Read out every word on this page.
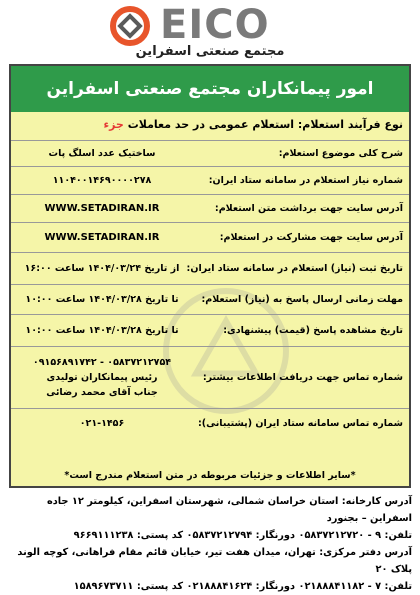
EICO
مجتمع صنعتی اسفراین
امور پیمانکاران مجتمع صنعتی اسفراین
نوع فرآیند استعلام: استعلام عمومی در حد معاملات جزء
شرح کلی موضوع استعلام:
ساختیک عدد اسلگ پات
شماره نیاز استعلام در سامانه ستاد ایران:
۱۱۰۴۰۰۱۴۶۹۰۰۰۰۲۷۸
آدرس سایت جهت برداشت متن استعلام:
WWW.SETADIRAN.IR
آدرس سایت جهت مشارکت در استعلام:
WWW.SETADIRAN.IR
تاریخ ثبت (نیاز) استعلام در سامانه ستاد ایران:
از تاریخ ۱۴۰۴/۰۳/۲۴ ساعت ۱۶:۰۰
مهلت زمانی ارسال پاسخ به (نیاز) استعلام:
تا تاریخ ۱۴۰۴/۰۳/۲۸ ساعت ۱۰:۰۰
تاریخ مشاهده پاسخ (قیمت) پیشنهادی:
تا تاریخ ۱۴۰۴/۰۳/۲۸ ساعت ۱۰:۰۰
شماره تماس جهت دریافت اطلاعات بیشتر:
۰۵۸۳۷۲۱۲۷۵۴ - ۰۹۱۵۶۸۹۱۷۴۲
رئیس پیمانکاران تولیدی
جناب آقای محمد رضائی
شماره تماس سامانه ستاد ایران (پشتیبانی):
۰۲۱-۱۴۵۶
*سایر اطلاعات و جزئیات مربوطه در متن استعلام مندرج است*
آدرس کارخانه: استان خراسان شمالی، شهرستان اسفراین، کیلومتر ۱۲ جاده اسفراین – بجنورد
تلفن: ۹ - ۰۵۸۳۷۲۱۲۷۲۰ دورنگار: ۰۵۸۳۷۲۱۲۷۹۴ کد پستی: ۹۶۶۹۱۱۱۲۳۸
آدرس دفتر مرکزی: تهران، میدان هفت تیر، خیابان قائم مقام فراهانی، کوچه الوند پلاک ۲۰
تلفن: ۷ - ۰۲۱۸۸۸۴۱۱۸۲ دورنگار: ۰۲۱۸۸۸۴۱۶۲۴ کد پستی: ۱۵۸۹۶۷۳۷۱۱
